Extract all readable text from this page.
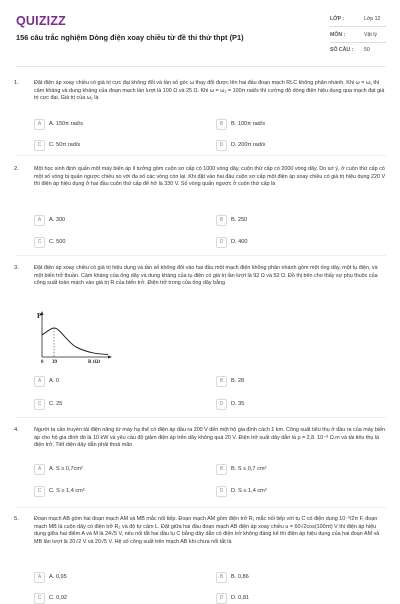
QUIZIZZ
156 câu trắc nghiệm Dòng điện xoay chiều từ đề thi thử thpt (P1)
LỚP :	Lớp 12
MÔN :	Vật lý
SỐ CÂU : 50
1.	Đặt điện áp xoay chiều có giá trị cực đại không đổi và tần số góc ω thay đổi được lên hai đầu đoạn mạch RLC không phân nhánh. Khi ω = ω₁ thì cảm kháng và dung kháng của đoạn mạch lần lượt là 100 Ω và 25 Ω. Khi ω = ω₂ = 100π rad/s thì cường độ dòng điện hiệu dụng qua mạch đạt giá trị cực đại. Giá trị của ω₁ là
A	A. 150π rad/s	B	B. 100π rad/s
C	C. 50π rad/s	D	D. 200π rad/s
2.	Một học sinh định quấn một máy biến áp lí tưởng gồm cuộn sơ cấp có 1000 vòng dây, cuộn thứ cấp có 2000 vòng dây. Do sơ ý, ở cuộn thứ cấp có một số vòng bị quấn ngược chiều so với đa số các vòng còn lại. Khi đặt vào hai đầu cuộn sơ cấp một điện áp xoay chiều có giá trị hiệu dụng 220 V thì điện áp hiệu dụng ở hai đầu cuộn thứ cấp để hở là 330 V. Số vòng quấn ngược ở cuộn thứ cấp là
A	A. 300	B	B. 250
C	C. 500	D	D. 400
3.	Đặt điện áp xoay chiều có giá trị hiệu dụng và tần số không đổi vào hai đầu một mạch điện không phân nhánh gồm một ống dây, một tụ điện, và một biến trở thuần. Cảm kháng của ống dây và dung kháng của tụ điện có giá trị lần lượt là 92 Ω và 52 Ω. Đồ thị bên cho thấy sự phụ thuộc của công suất toàn mạch vào giá trị R của biến trở. Điện trở trong của ống dây bằng
P
0 39	R (Ω)
A	A. 0	B	B. 28
C	C. 25	D	D. 35
4.	Người ta cần truyền tải điện năng từ máy hạ thế có điện áp đầu ra 200 V đến một hộ gia đình cách 1 km. Công suất tiêu thụ ở đầu ra của máy biến áp cho hộ gia đình đó là 10 kW và yêu cầu độ giảm điện áp trên dây không quá 20 V. Điện trở suất dây dẫn là ρ = 2,8. 10⁻⁸ Ω.m và tải tiêu thụ là điện trở. Tiết diện dây dẫn phải thoả mãn
A	A. S ≥ 0,7cm²	B	B. S ≤ 0,7 cm²
C	C. S ≥ 1,4 cm²	D	D. S ≤ 1,4 cm²
5.	Đoạn mạch AB gồm hai đoạn mạch AM và MB mắc nối tiếp. Đoạn mạch AM gồm điện trở R₁ mắc nối tiếp với tụ C có điện dung 10⁻³/2π F, đoạn mạch MB là cuộn dây có điện trở R₂ và độ tự cảm L. Đặt giữa hai đầu đoạn mạch AB điện áp xoay chiều u = 60√2cos(100πt) V thì điện áp hiệu dụng giữa hai điểm A và M là 24√5 V, nếu nối tắt hai đầu tụ C bằng dây dẫn có điện trở không đáng kể thì điện áp hiệu dụng của hai đoạn AM và MB lần lượt là 20√2 V và 20√5 V. Hệ số công suất trên mạch AB khi chưa nối tắt là
A	A. 0,95	B	B. 0,86
C	C. 0,92	D	D. 0,81
